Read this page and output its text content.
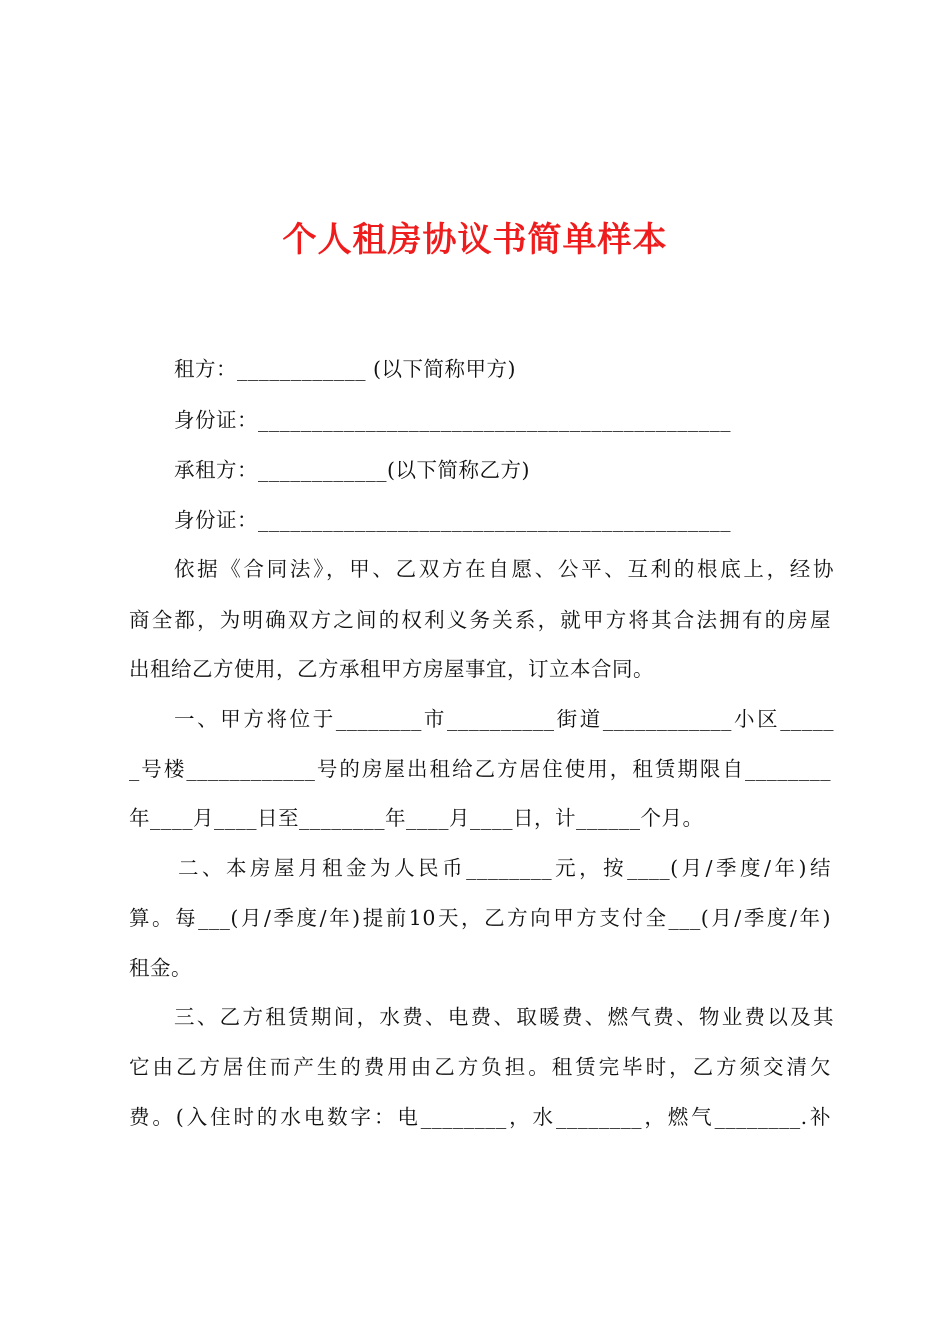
个人租房协议书简单样本
租方：____________ (以下简称甲方)
身份证：____________________________________________
承租方：____________(以下简称乙方)
身份证：____________________________________________
依据《合同法》，甲、乙双方在自愿、公平、互利的根底上，经协
商全都，为明确双方之间的权利义务关系，就甲方将其合法拥有的房屋
出租给乙方使用，乙方承租甲方房屋事宜，订立本合同。
一、甲方将位于________市__________街道____________小区_____
_号楼____________号的房屋出租给乙方居住使用，租赁期限自________
年____月____日至________年____月____日，计______个月。
二、本房屋月租金为人民币________元，按____(月/季度/年)结
算。每___(月/季度/年)提前10天，乙方向甲方支付全___(月/季度/年)
租金。
三、乙方租赁期间，水费、电费、取暖费、燃气费、物业费以及其
它由乙方居住而产生的费用由乙方负担。租赁完毕时，乙方须交清欠
费。(入住时的水电数字：电________，水________，燃气________.补
